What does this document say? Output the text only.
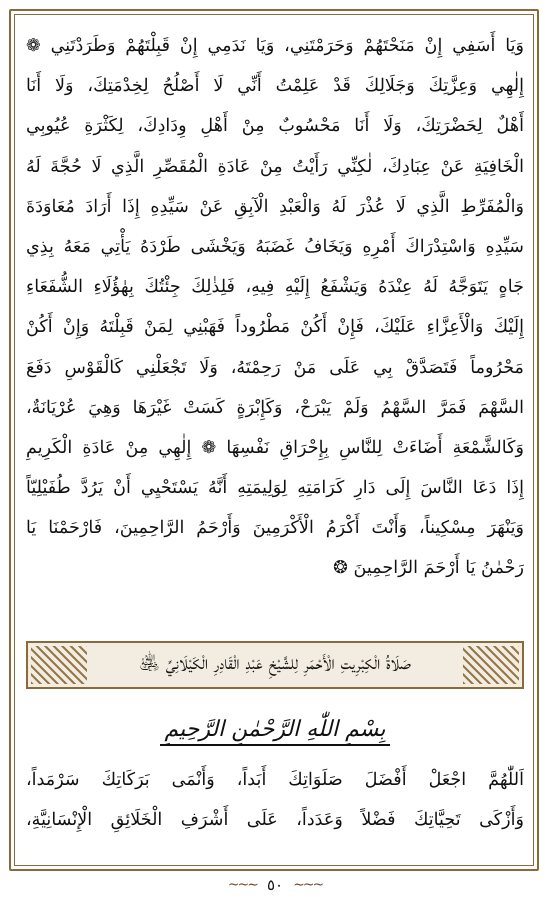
وَيَا أَسَفِي إِنْ مَنَحْتَهُمْ وَحَرَمْتَنِي، وَيَا نَدَمِي إِنْ قَبِلْتَهُمْ وَطَرَدْتَنِي ❁
إِلٰهِي وَعِزَّتِكَ وَجَلَالِكَ قَدْ عَلِمْتُ أَنِّي لَا أَصْلُحُ لِخِدْمَتِكَ، وَلَا أَنَا
أَهْلٌ لِحَضْرَتِكَ، وَلَا أَنَا مَحْسُوبٌ مِنْ أَهْلِ وِدَادِكَ، لِكَثْرَةِ عُيُوبِي
الْخَافِيَةِ عَنْ عِبَادِكَ، لٰكِنِّي رَأَيْتُ مِنْ عَادَةِ الْمُقَصِّرِ الَّذِي لَا حُجَّةَ لَهُ
وَالْمُفَرِّطِ الَّذِي لَا عُذْرَ لَهُ وَالْعَبْدِ الْآبِقِ عَنْ سَيِّدِهِ إِذَا أَرَادَ مُعَاوَدَةَ
سَيِّدِهِ وَاسْتِدْرَاكَ أَمْرِهِ وَيَخَافُ غَضَبَهُ وَيَخْشَى طَرْدَهُ يَأْتِي مَعَهُ بِذِي
جَاهٍ يَتَوَجَّهُ لَهُ عِنْدَهُ وَيَشْفَعُ إِلَيْهِ فِيهِ، فَلِذٰلِكَ جِئْتُكَ بِهٰؤُلَاءِ الشُّفَعَاءِ
إِلَيْكَ وَالْأَعِزَّاءِ عَلَيْكَ، فَإِنْ أَكُنْ مَطْرُوداً فَهَبْنِي لِمَنْ قَبِلْتَهُ وَإِنْ أَكُنْ
مَحْرُوماً فَتَصَدَّقْ بِي عَلَى مَنْ رَحِمْتَهُ، وَلَا تَجْعَلْنِي كَالْقَوْسِ دَفَعَ
السَّهْمَ فَمَرَّ السَّهْمُ وَلَمْ يَبْرَحْ، وَكَإِبْرَةٍ كَسَتْ غَيْرَهَا وَهِيَ عُرْيَانَةٌ،
وَكَالشَّمْعَةِ أَضَاءَتْ لِلنَّاسِ بِإِحْرَاقِ نَفْسِهَا ❁ إِلٰهِي مِنْ عَادَةِ الْكَرِيمِ
إِذَا دَعَا النَّاسَ إِلَى دَارِ كَرَامَتِهِ لِوَلِيمَتِهِ أَنَّهُ يَسْتَحْيِي أَنْ يَرُدَّ طُفَيْلِيّاً
وَيَنْهَرَ مِسْكِيناً، وَأَنْتَ أَكْرَمُ الْأَكْرَمِينَ وَأَرْحَمُ الرَّاحِمِينَ، فَارْحَمْنَا يَا
رَحْمٰنُ يَا أَرْحَمَ الرَّاحِمِينَ ❂
صَلَاةُ الْكِبْرِيتِ الْأَحْمَرِ لِلشَّيْخِ عَبْدِ الْقَادِرِ الْكَيْلَانِيِّ ﵁
بِسْمِ اللّٰهِ الرَّحْمٰنِ الرَّحِيمِ
اَللّٰهُمَّ اجْعَلْ أَفْضَلَ صَلَوَاتِكَ أَبَداً، وَأَنْمَى بَرَكَاتِكَ سَرْمَداً،
وَأَزْكَى تَحِيَّاتِكَ فَضْلاً وَعَدَداً، عَلَى أَشْرَفِ الْخَلَائِقِ الْإِنْسَانِيَّةِ،
~~∽
٥٠
∽~~
